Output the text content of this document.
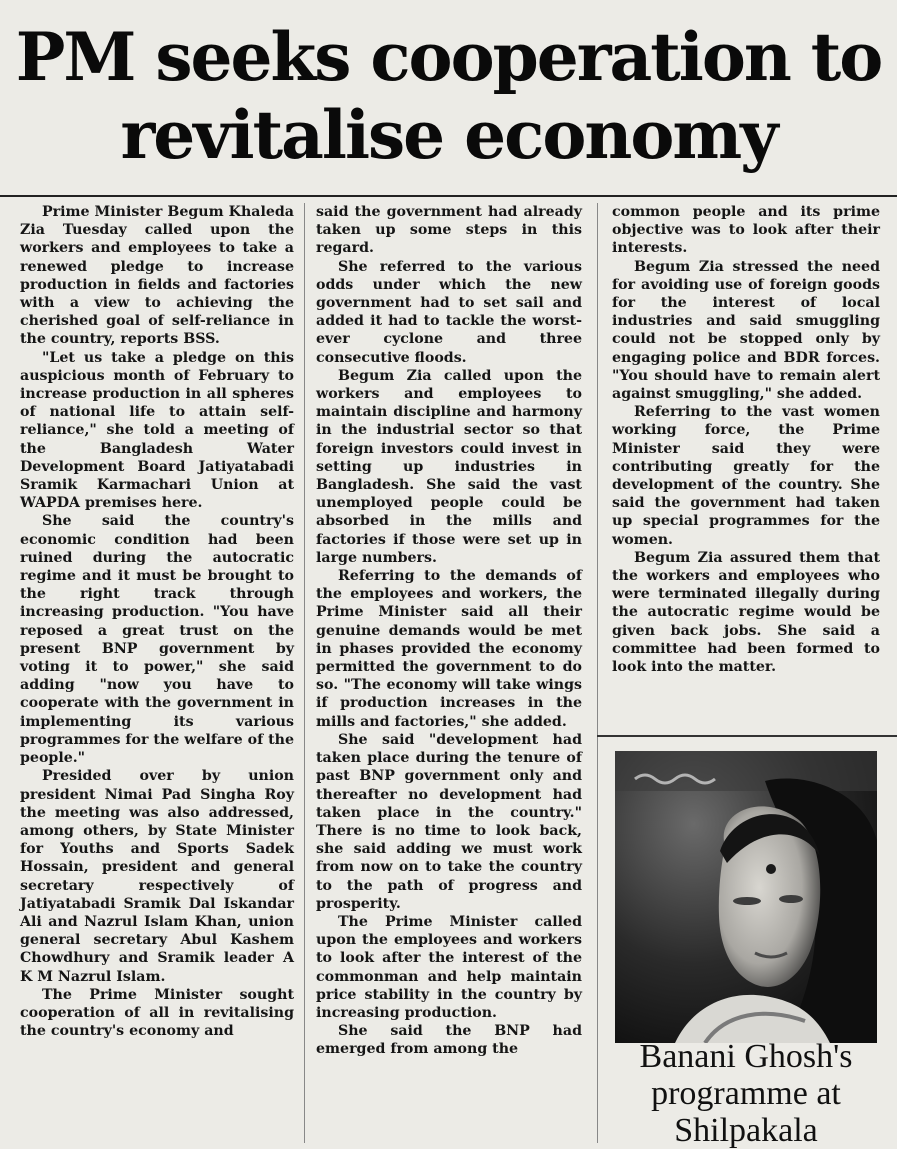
PM seeks cooperation to
revitalise economy

Prime Minister Begum Khaleda Zia Tuesday called upon the workers and employees to take a renewed pledge to increase production in fields and factories with a view to achieving the cherished goal of self-reliance in the country, reports BSS.

"Let us take a pledge on this auspicious month of February to increase production in all spheres of national life to attain self-reliance," she told a meeting of the Bangladesh Water Development Board Jatiyatabadi Sramik Karmachari Union at WAPDA premises here.

She said the country's economic condition had been ruined during the autocratic regime and it must be brought to the right track through increasing production. "You have reposed a great trust on the present BNP government by voting it to power," she said adding "now you have to cooperate with the government in implementing its various programmes for the welfare of the people."

Presided over by union president Nimai Pad Singha Roy the meeting was also addressed, among others, by State Minister for Youths and Sports Sadek Hossain, president and general secretary respectively of Jatiyatabadi Sramik Dal Iskandar Ali and Nazrul Islam Khan, union general secretary Abul Kashem Chowdhury and Sramik leader A K M Nazrul Islam.

The Prime Minister sought cooperation of all in revitalising the country's economy and

said the government had already taken up some steps in this regard.

She referred to the various odds under which the new government had to set sail and added it had to tackle the worst-ever cyclone and three consecutive floods.

Begum Zia called upon the workers and employees to maintain discipline and harmony in the industrial sector so that foreign investors could invest in setting up industries in Bangladesh. She said the vast unemployed people could be absorbed in the mills and factories if those were set up in large numbers.

Referring to the demands of the employees and workers, the Prime Minister said all their genuine demands would be met in phases provided the economy permitted the government to do so. "The economy will take wings if production increases in the mills and factories," she added.

She said "development had taken place during the tenure of past BNP government only and thereafter no development had taken place in the country." There is no time to look back, she said adding we must work from now on to take the country to the path of progress and prosperity.

The Prime Minister called upon the employees and workers to look after the interest of the commonman and help maintain price stability in the country by increasing production.

She said the BNP had emerged from among the

common people and its prime objective was to look after their interests.

Begum Zia stressed the need for avoiding use of foreign goods for the interest of local industries and said smuggling could not be stopped only by engaging police and BDR forces. "You should have to remain alert against smuggling," she added.

Referring to the vast women working force, the Prime Minister said they were contributing greatly for the development of the country. She said the government had taken up special programmes for the women.

Begum Zia assured them that the workers and employees who were terminated illegally during the autocratic regime would be given back jobs. She said a committee had been formed to look into the matter.

Banani Ghosh's
programme at
Shilpakala
